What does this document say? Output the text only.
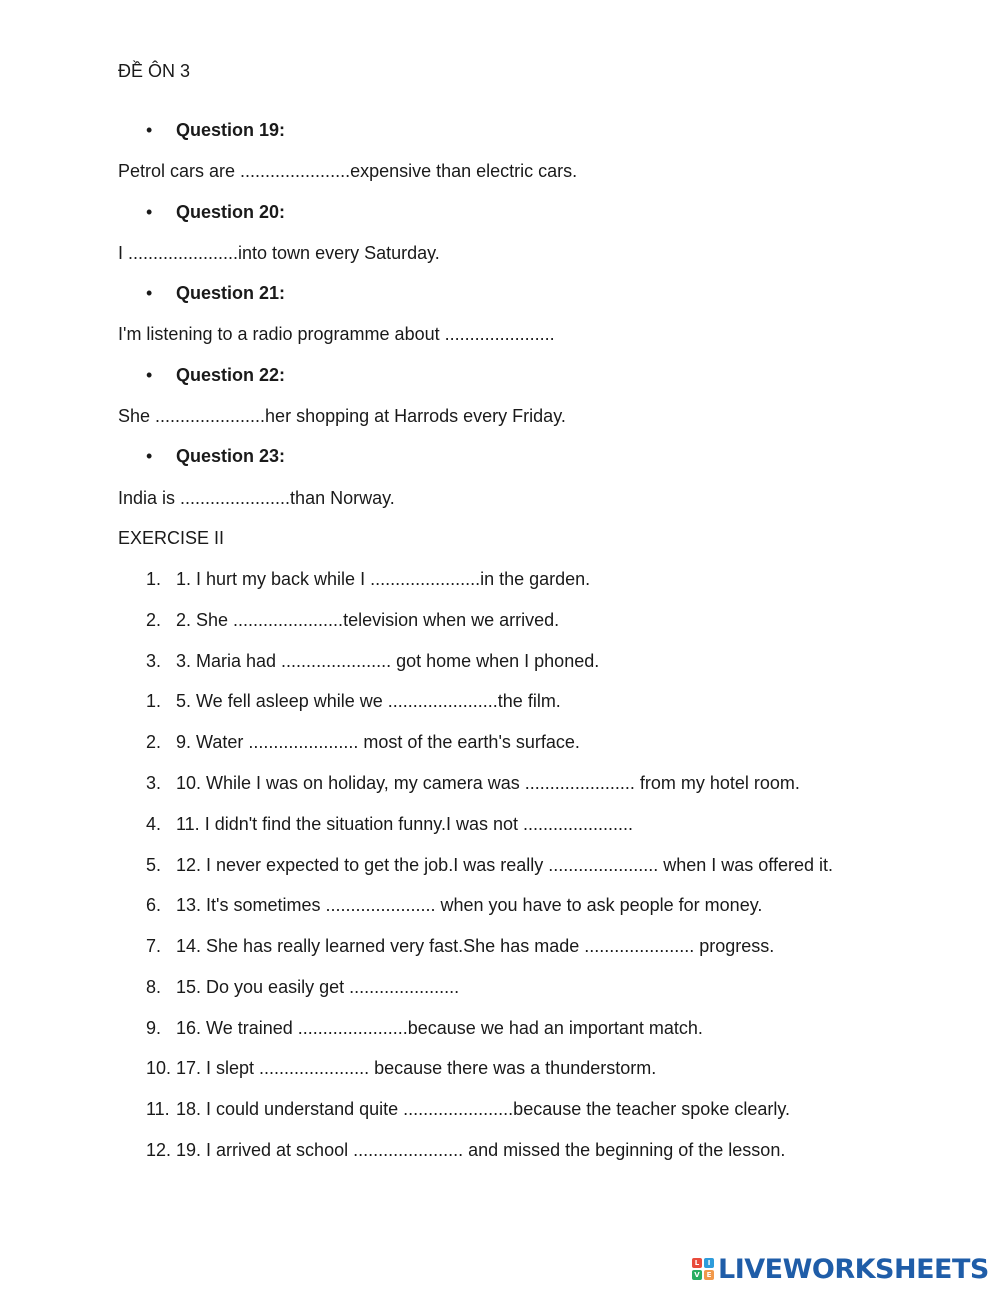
ĐỀ ÔN 3
• Question 19:
Petrol cars are ......................expensive than electric cars.
• Question 20:
I ......................into town every Saturday.
• Question 21:
I'm listening to a radio programme about ......................
• Question 22:
She ......................her shopping at Harrods every Friday.
• Question 23:
India is ......................than Norway.
EXERCISE II
1. 1. I hurt my back while I ......................in the garden.
2. 2. She ......................television when we arrived.
3. 3. Maria had ...................... got home when I phoned.
1. 5. We fell asleep while we ......................the film.
2. 9. Water ...................... most of the earth's surface.
3. 10. While I was on holiday, my camera was ...................... from my hotel room.
4. 11. I didn't find the situation funny.I was not ......................
5. 12. I never expected to get the job.I was really ...................... when I was offered it.
6. 13. It's sometimes ...................... when you have to ask people for money.
7. 14. She has really learned very fast.She has made ...................... progress.
8. 15. Do you easily get ......................
9. 16. We trained ......................because we had an important match.
10. 17. I slept ...................... because there was a thunderstorm.
11. 18. I could understand quite ......................because the teacher spoke clearly.
12. 19. I arrived at school ...................... and missed the beginning of the lesson.
L	I
V E LIVEWORKSHEETS
